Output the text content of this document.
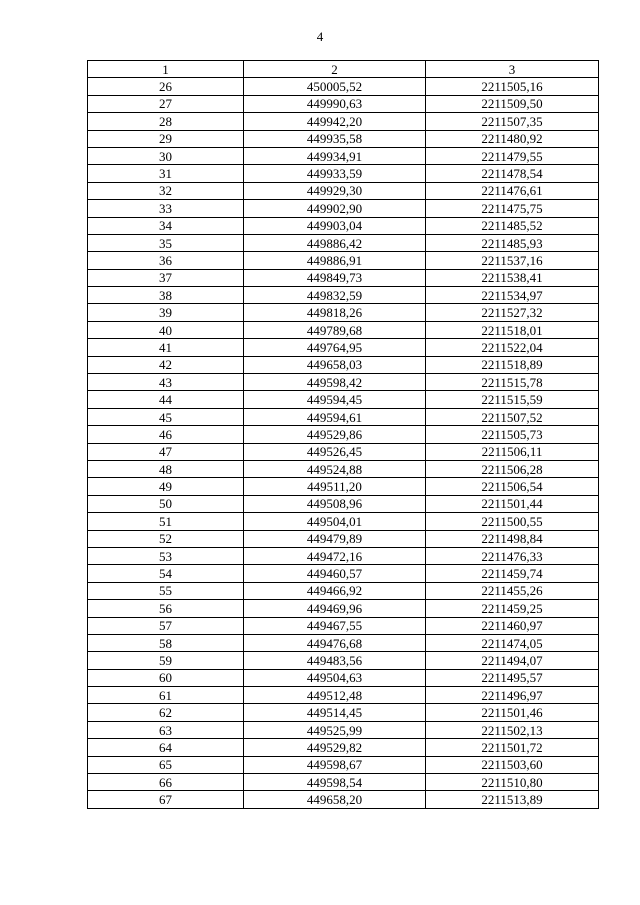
4
1	2	3
26	450005,52	2211505,16
27	449990,63	2211509,50
28	449942,20	2211507,35
29	449935,58	2211480,92
30	449934,91	2211479,55
31	449933,59	2211478,54
32	449929,30	2211476,61
33	449902,90	2211475,75
34	449903,04	2211485,52
35	449886,42	2211485,93
36	449886,91	2211537,16
37	449849,73	2211538,41
38	449832,59	2211534,97
39	449818,26	2211527,32
40	449789,68	2211518,01
41	449764,95	2211522,04
42	449658,03	2211518,89
43	449598,42	2211515,78
44	449594,45	2211515,59
45	449594,61	2211507,52
46	449529,86	2211505,73
47	449526,45	2211506,11
48	449524,88	2211506,28
49	449511,20	2211506,54
50	449508,96	2211501,44
51	449504,01	2211500,55
52	449479,89	2211498,84
53	449472,16	2211476,33
54	449460,57	2211459,74
55	449466,92	2211455,26
56	449469,96	2211459,25
57	449467,55	2211460,97
58	449476,68	2211474,05
59	449483,56	2211494,07
60	449504,63	2211495,57
61	449512,48	2211496,97
62	449514,45	2211501,46
63	449525,99	2211502,13
64	449529,82	2211501,72
65	449598,67	2211503,60
66	449598,54	2211510,80
67	449658,20	2211513,89
